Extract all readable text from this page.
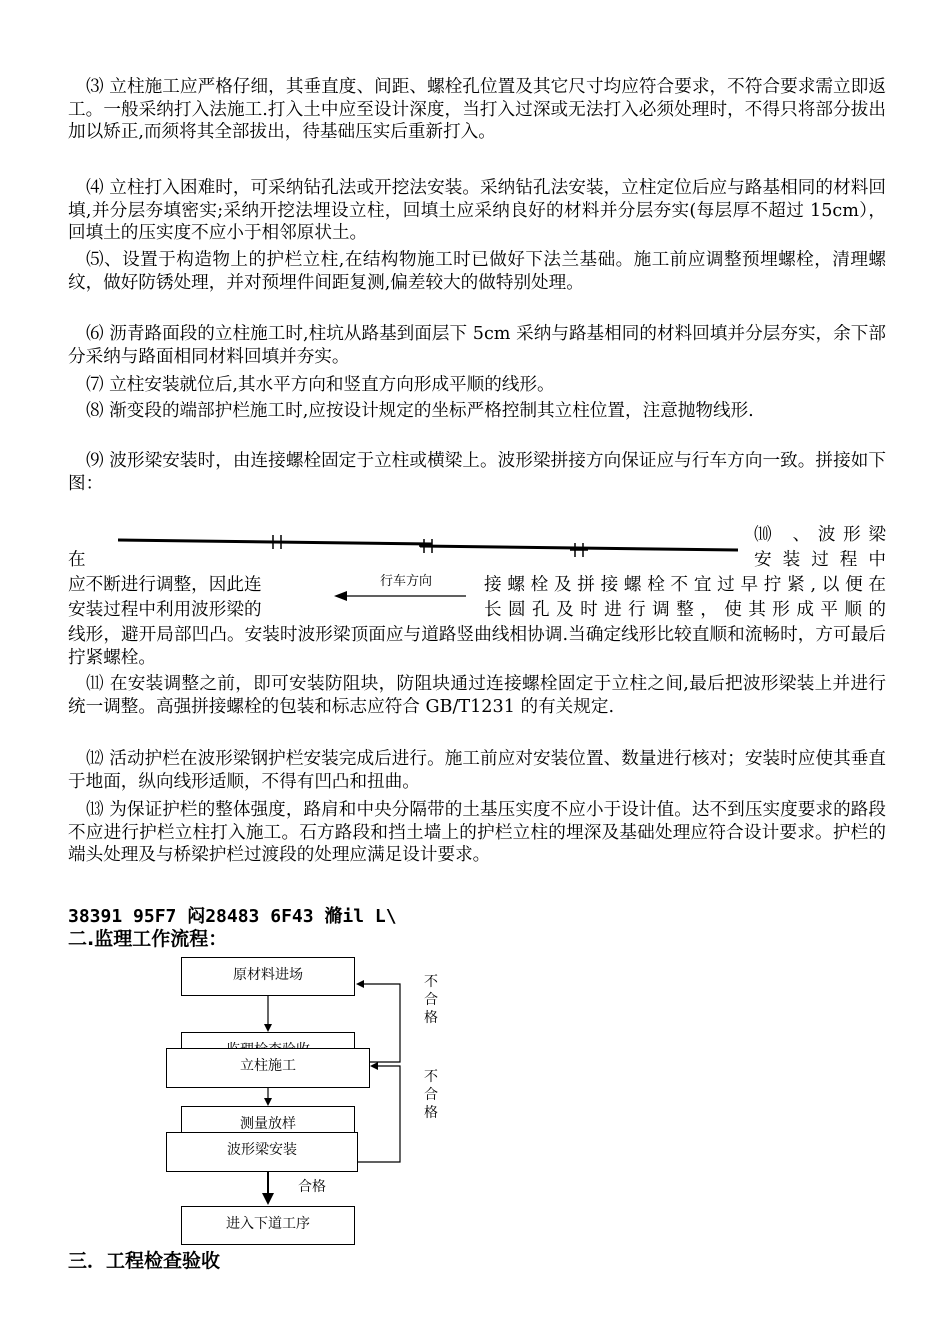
⑶ 立柱施工应严格仔细，其垂直度、间距、螺栓孔位置及其它尺寸均应符合要求，不符合要求需立即返工。一般采纳打入法施工.打入土中应至设计深度，当打入过深或无法打入必须处理时，不得只将部分拔出加以矫正,而须将其全部拔出，待基础压实后重新打入。

⑷ 立柱打入困难时，可采纳钻孔法或开挖法安装。采纳钻孔法安装，立柱定位后应与路基相同的材料回填,并分层夯填密实;采纳开挖法埋设立柱，回填土应采纳良好的材料并分层夯实(每层厚不超过 15cm），回填土的压实度不应小于相邻原状土。

⑸、设置于构造物上的护栏立柱,在结构物施工时已做好下法兰基础。施工前应调整预埋螺栓，清理螺纹，做好防锈处理，并对预埋件间距复测,偏差较大的做特别处理。

⑹ 沥青路面段的立柱施工时,柱坑从路基到面层下 5cm 采纳与路基相同的材料回填并分层夯实，余下部分采纳与路面相同材料回填并夯实。

⑺ 立柱安装就位后,其水平方向和竖直方向形成平顺的线形。

⑻ 渐变段的端部护栏施工时,应按设计规定的坐标严格控制其立柱位置，注意抛物线形.

⑼ 波形梁安装时，由连接螺栓固定于立柱或横梁上。波形梁拼接方向保证应与行车方向一致。拼接如下图：

行车方向
⑽ 、波形梁
安装过程中
在
应不断进行调整，因此连	接螺栓及拼接螺栓不宜过早拧紧,以便在
安装过程中利用波形梁的	长圆孔及时进行调整，使其形成平顺的

线形，避开局部凹凸。安装时波形梁顶面应与道路竖曲线相协调.当确定线形比较直顺和流畅时，方可最后拧紧螺栓。

⑾ 在安装调整之前，即可安装防阻块，防阻块通过连接螺栓固定于立柱之间,最后把波形梁装上并进行统一调整。高强拼接螺栓的包装和标志应符合 GB/T1231 的有关规定.

⑿ 活动护栏在波形梁钢护栏安装完成后进行。施工前应对安装位置、数量进行核对；安装时应使其垂直于地面，纵向线形适顺，不得有凹凸和扭曲。

⒀ 为保证护栏的整体强度，路肩和中央分隔带的土基压实度不应小于设计值。达不到压实度要求的路段不应进行护栏立柱打入施工。石方路段和挡土墙上的护栏立柱的埋深及基础处理应符合设计要求。护栏的端头处理及与桥梁护栏过渡段的处理应满足设计要求。

38391 95F7 闷28483 6F43 滫il L\

二.监理工作流程：

原材料进场
立柱施工
测量放样
波形梁安装
进入下道工序
不合格
不合格
合格

三．工程检查验收
